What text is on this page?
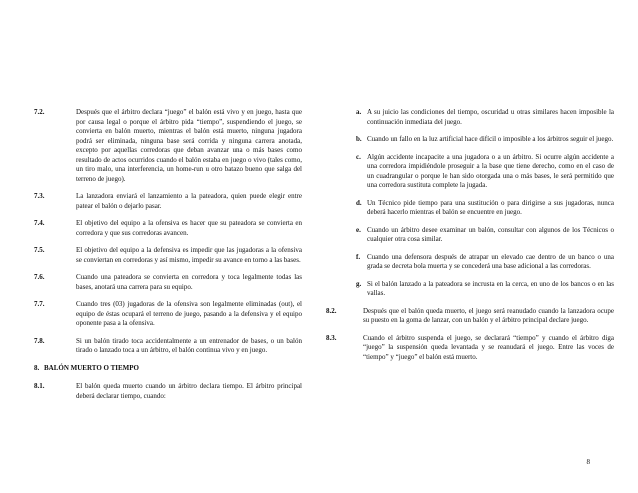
7.2.	Después que el árbitro declara “juego” el balón está vivo y en juego, hasta que por causa legal o porque el árbitro pida “tiempo”, suspendiendo el juego, se convierta en balón muerto, mientras el balón está muerto, ninguna jugadora podrá ser eliminada, ninguna base será corrida y ninguna carrera anotada, excepto por aquellas corredoras que deban avanzar una o más bases como resultado de actos ocurridos cuando el balón estaba en juego o vivo (tales como, un tiro malo, una interferencia, un home-run u otro batazo bueno que salga del terreno de juego).
7.3.	La lanzadora enviará el lanzamiento a la pateadora, quien puede elegir entre patear el balón o dejarlo pasar.
7.4.	El objetivo del equipo a la ofensiva es hacer que su pateadora se convierta en corredora y que sus corredoras avancen.
7.5.	El objetivo del equipo a la defensiva es impedir que las jugadoras a la ofensiva se conviertan en corredoras y así mismo, impedir su avance en torno a las bases.
7.6.	Cuando una pateadora se convierta en corredora y toca legalmente todas las bases, anotará una carrera para su equipo.
7.7.	Cuando tres (03) jugadoras de la ofensiva son legalmente eliminadas (out), el equipo de éstas ocupará el terreno de juego, pasando a la defensiva y el equipo oponente pasa a la ofensiva.
7.8.	Si un balón tirado toca accidentalmente a un entrenador de bases, o un balón tirado o lanzado toca a un árbitro, el balón continua vivo y en juego.
8. BALÓN MUERTO O TIEMPO
8.1.	El balón queda muerto cuando un árbitro declara tiempo. El árbitro principal deberá declarar tiempo, cuando:
a. A su juicio las condiciones del tiempo, oscuridad u otras similares hacen imposible la continuación inmediata del juego.
b. Cuando un fallo en la luz artificial hace difícil o imposible a los árbitros seguir el juego.
c. Algún accidente incapacite a una jugadora o a un árbitro. Si ocurre algún accidente a una corredora impidiéndole proseguir a la base que tiene derecho, como en el caso de un cuadrangular o porque le han sido otorgada una o más bases, le será permitido que una corredora sustituta complete la jugada.
d. Un Técnico pide tiempo para una sustitución o para dirigirse a sus jugadoras, nunca deberá hacerlo mientras el balón se encuentre en juego.
e. Cuando un árbitro desee examinar un balón, consultar con algunos de los Técnicos o cualquier otra cosa similar.
f. Cuando una defensora después de atrapar un elevado cae dentro de un banco o una grada se decreta bola muerta y se concederá una base adicional a las corredoras.
g. Si el balón lanzado a la pateadora se incrusta en la cerca, en uno de los bancos o en las vallas.
8.2.	Después que el balón queda muerto, el juego será reanudado cuando la lanzadora ocupe su puesto en la goma de lanzar, con un balón y el árbitro principal declare juego.
8.3.	Cuando el árbitro suspenda el juego, se declarará “tiempo” y cuando el árbitro diga “juego” la suspensión queda levantada y se reanudará el juego. Entre las voces de “tiempo” y “juego” el balón está muerto.
8
